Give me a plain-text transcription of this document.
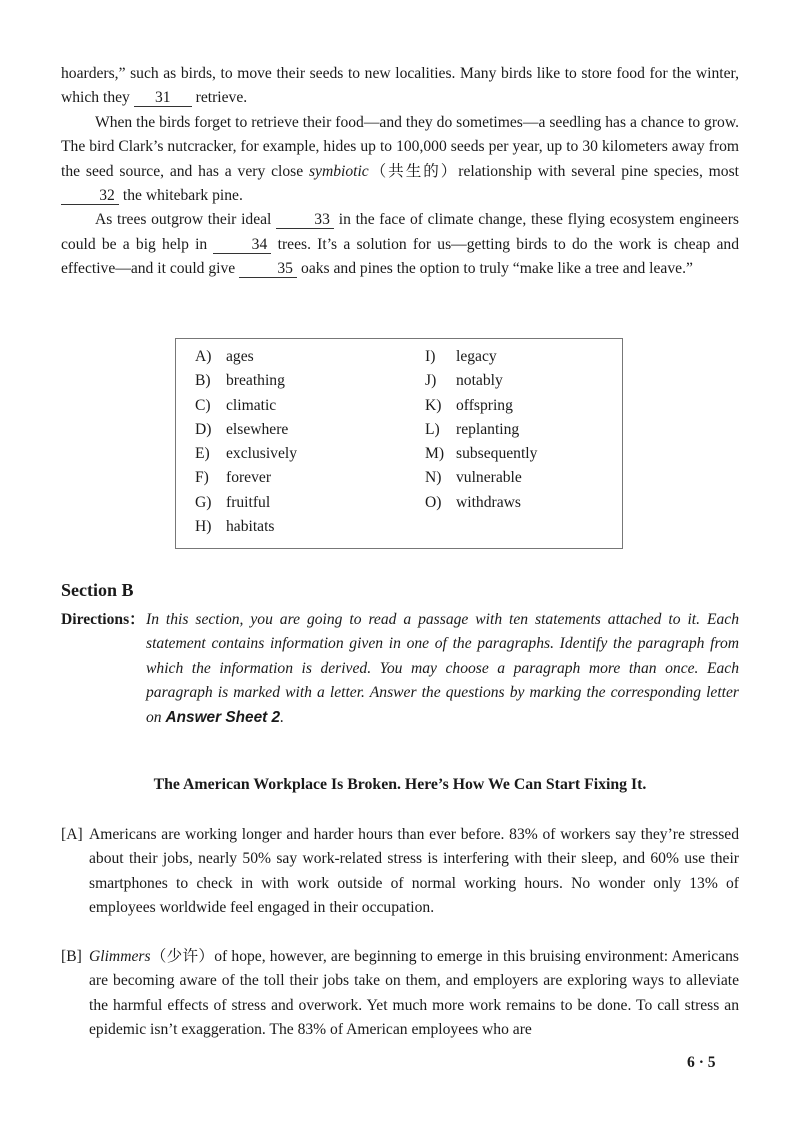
hoarders,” such as birds, to move their seeds to new localities. Many birds like to store food for the winter, which they 31 retrieve.

When the birds forget to retrieve their food—and they do sometimes—a seedling has a chance to grow. The bird Clark’s nutcracker, for example, hides up to 100,000 seeds per year, up to 30 kilometers away from the seed source, and has a very close symbiotic（共生的）relationship with several pine species, most 32 the whitebark pine.

As trees outgrow their ideal 33 in the face of climate change, these flying ecosystem engineers could be a big help in 34 trees. It’s a solution for us—getting birds to do the work is cheap and effective—and it could give 35 oaks and pines the option to truly “make like a tree and leave.”

A) ages
B) breathing
C) climatic
D) elsewhere
E) exclusively
F) forever
G) fruitful
H) habitats
I) legacy
J) notably
K) offspring
L) replanting
M) subsequently
N) vulnerable
O) withdraws
Section B
Directions： In this section, you are going to read a passage with ten statements attached to it. Each statement contains information given in one of the paragraphs. Identify the paragraph from which the information is derived. You may choose a paragraph more than once. Each paragraph is marked with a letter. Answer the questions by marking the corresponding letter on Answer Sheet 2.
The American Workplace Is Broken. Here’s How We Can Start Fixing It.
[A] Americans are working longer and harder hours than ever before. 83% of workers say they’re stressed about their jobs, nearly 50% say work-related stress is interfering with their sleep, and 60% use their smartphones to check in with work outside of normal working hours. No wonder only 13% of employees worldwide feel engaged in their occupation.
[B] Glimmers（少许）of hope, however, are beginning to emerge in this bruising environment: Americans are becoming aware of the toll their jobs take on them, and employers are exploring ways to alleviate the harmful effects of stress and overwork. Yet much more work remains to be done. To call stress an epidemic isn’t exaggeration. The 83% of American employees who are
6 · 5
